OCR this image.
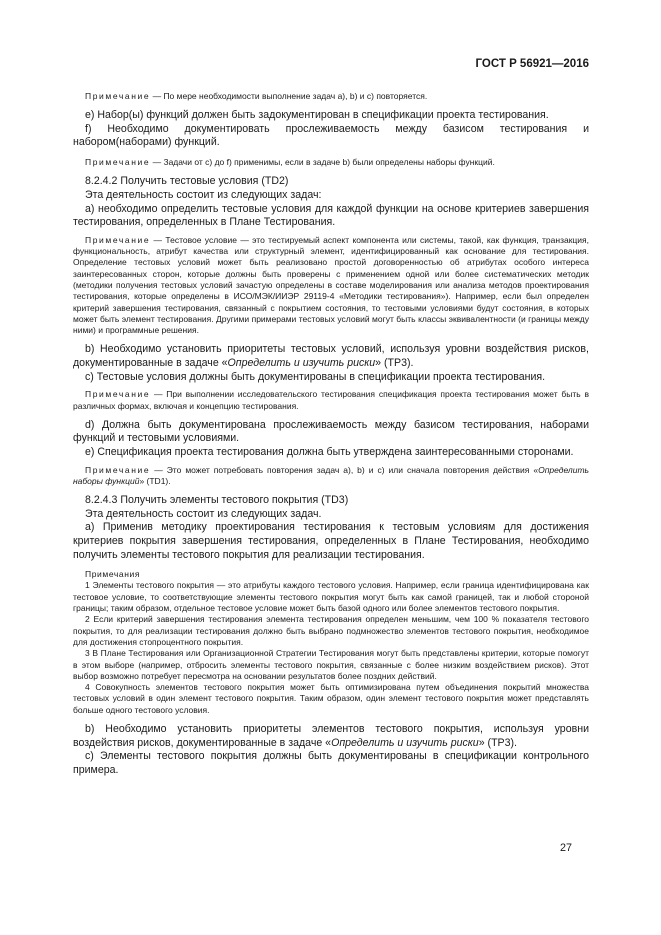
ГОСТ Р 56921—2016

Примечание — По мере необходимости выполнение задач a), b) и c) повторяется.

e) Набор(ы) функций должен быть задокументирован в спецификации проекта тестирования.

f) Необходимо документировать прослеживаемость между базисом тестирования и набором(наборами) функций.

Примечание — Задачи от c) до f) применимы, если в задаче b) были определены наборы функций.

8.2.4.2 Получить тестовые условия (TD2)

Эта деятельность состоит из следующих задач:

a) необходимо определить тестовые условия для каждой функции на основе критериев завершения тестирования, определенных в Плане Тестирования.

Примечание — Тестовое условие — это тестируемый аспект компонента или системы, такой, как функция, транзакция, функциональность, атрибут качества или структурный элемент, идентифицированный как основание для тестирования. Определение тестовых условий может быть реализовано простой договоренностью об атрибутах особого интереса заинтересованных сторон, которые должны быть проверены с применением одной или более систематических методик (методики получения тестовых условий зачастую определены в составе моделирования или анализа методов проектирования тестирования, которые определены в ИСО/МЭК/ИИЭР 29119-4 «Методики тестирования»). Например, если был определен критерий завершения тестирования, связанный с покрытием состояния, то тестовыми условиями будут состояния, в которых может быть элемент тестирования. Другими примерами тестовых условий могут быть классы эквивалентности (и границы между ними) и программные решения.

b) Необходимо установить приоритеты тестовых условий, используя уровни воздействия рисков, документированные в задаче «Определить и изучить риски» (TP3).

c) Тестовые условия должны быть документированы в спецификации проекта тестирования.

Примечание — При выполнении исследовательского тестирования спецификация проекта тестирования может быть в различных формах, включая и концепцию тестирования.

d) Должна быть документирована прослеживаемость между базисом тестирования, наборами функций и тестовыми условиями.

e) Спецификация проекта тестирования должна быть утверждена заинтересованными сторонами.

Примечание — Это может потребовать повторения задач a), b) и c) или сначала повторения действия «Определить наборы функций» (TD1).

8.2.4.3 Получить элементы тестового покрытия (TD3)

Эта деятельность состоит из следующих задач.

a) Применив методику проектирования тестирования к тестовым условиям для достижения критериев покрытия завершения тестирования, определенных в Плане Тестирования, необходимо получить элементы тестового покрытия для реализации тестирования.

Примечания

1 Элементы тестового покрытия — это атрибуты каждого тестового условия. Например, если граница идентифицирована как тестовое условие, то соответствующие элементы тестового покрытия могут быть как самой границей, так и любой стороной границы; таким образом, отдельное тестовое условие может быть базой одного или более элементов тестового покрытия.

2 Если критерий завершения тестирования элемента тестирования определен меньшим, чем 100 % показателя тестового покрытия, то для реализации тестирования должно быть выбрано подмножество элементов тестового покрытия, необходимое для достижения стопроцентного покрытия.

3 В Плане Тестирования или Организационной Стратегии Тестирования могут быть представлены критерии, которые помогут в этом выборе (например, отбросить элементы тестового покрытия, связанные с более низким воздействием рисков). Этот выбор возможно потребует пересмотра на основании результатов более поздних действий.

4 Совокупность элементов тестового покрытия может быть оптимизирована путем объединения покрытий множества тестовых условий в один элемент тестового покрытия. Таким образом, один элемент тестового покрытия может представлять больше одного тестового условия.

b) Необходимо установить приоритеты элементов тестового покрытия, используя уровни воздействия рисков, документированные в задаче «Определить и изучить риски» (TP3).

c) Элементы тестового покрытия должны быть документированы в спецификации контрольного примера.

27
